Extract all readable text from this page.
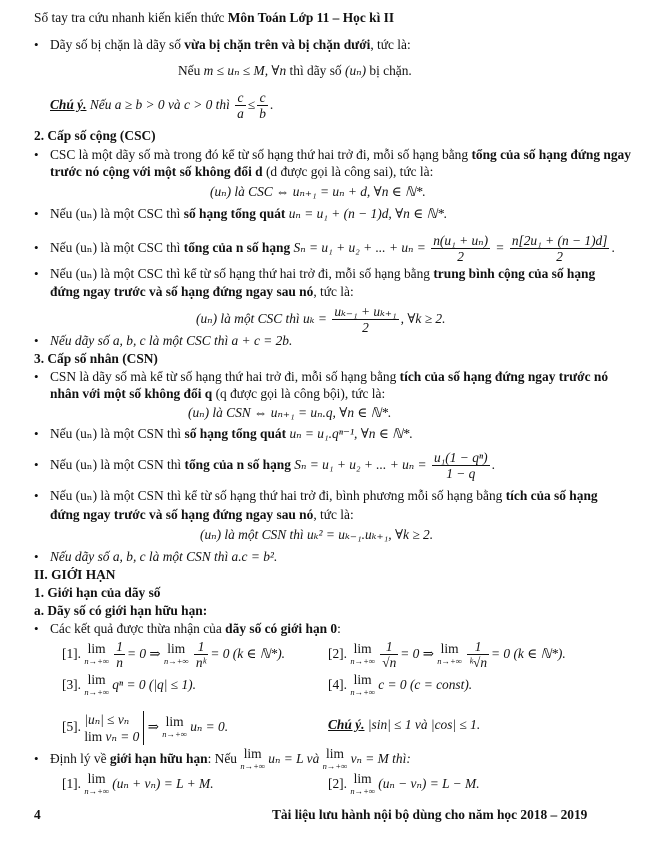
Sổ tay tra cứu nhanh kiến kiến thức Môn Toán Lớp 11 – Học kì II
• Dãy số bị chặn là dãy số vừa bị chặn trên và bị chặn dưới, tức là:
Nếu m ≤ uₙ ≤ M, ∀n thì dãy số (uₙ) bị chặn.
Chú ý. Nếu a ≥ b > 0 và c > 0 thì $\frac{c}{a} \le \frac{c}{b}$ .
2. Cấp số cộng (CSC)
• CSC là một dãy số mà trong đó kể từ số hạng thứ hai trở đi, mỗi số hạng bằng tổng của số hạng đứng ngay
trước nó cộng với một số không đổi d (d được gọi là công sai), tức là:
(uₙ) là CSC ⇔ uₙ₊₁ = uₙ + d, ∀n ∈ ℕ*.
• Nếu (uₙ) là một CSC thì số hạng tổng quát uₙ = u₁ + (n − 1)d, ∀n ∈ ℕ*.
• Nếu (uₙ) là một CSC thì tổng của n số hạng Sₙ = u₁ + u₂ + ... + $u_n = \frac{\text{n(u₁ + uₙ)}}{2} = \frac{\text{n[2u₁ + (n − 1)d]}}{2}$ .
• Nếu (uₙ) là một CSC thì kể từ số hạng thứ hai trở đi, mỗi số hạng bằng trung bình cộng của số hạng
đứng ngay trước và số hạng đứng ngay sau nó, tức là:
(uₙ) là một CSC thì $u_k = \frac{\text{uₖ₋₁ + uₖ₊₁}}{2}$ , ∀k ≥ 2.
• Nếu dãy số a, b, c là một CSC thì a + c = 2b.
3. Cấp số nhân (CSN)
• CSN là dãy số mà kể từ số hạng thứ hai trở đi, mỗi số hạng bằng tích của số hạng đứng ngay trước nó
nhân với một số không đổi q (q được gọi là công bội), tức là:
(uₙ) là CSN ⇔ uₙ₊₁ = uₙ.q, ∀n ∈ ℕ*.
• Nếu (uₙ) là một CSN thì số hạng tổng quát uₙ = u₁.qⁿ⁻¹, ∀n ∈ ℕ*.
• Nếu (uₙ) là một CSN thì tổng của n số hạng Sₙ = u₁ + u₂ + ... + $u_n = \frac{\text{u₁(1 − qⁿ)}}{1 - q}$ .
• Nếu (uₙ) là một CSN thì kể từ số hạng thứ hai trở đi, bình phương mỗi số hạng bằng tích của số hạng
đứng ngay trước và số hạng đứng ngay sau nó, tức là:
(uₙ) là một CSN thì uₖ² = uₖ₋₁.uₖ₊₁, ∀k ≥ 2.
• Nếu dãy số a, b, c là một CSN thì a.c = b².
II. GIỚI HẠN
1. Giới hạn của dãy số
a. Dãy số có giới hạn hữu hạn:
• Các kết quả được thừa nhận của dãy số có giới hạn 0:
[1]. lim
n→+∞
$\frac{1}{n} = 0$ ⇒ lim
n→+∞
$\frac{1}{\text{nᵏ}} = 0$ (k ∈ ℕ*).	[2]. lim
n→+∞
$\frac{1}{√n} = 0$ ⇒ lim
n→+∞
$\frac{1}{\text{ᵏ√n}} = 0$ (k ∈ ℕ*).
[3]. lim
n→+∞ qⁿ = 0 (|q| ≤ 1).	[4]. lim
n→+∞ c = 0 (c = const).
[5]. |uₙ| ≤ vₙ
lim vₙ = 0
⇒ lim
n→+∞ uₙ = 0.	Chú ý. |sin| ≤ 1 và |cos| ≤ 1.
• Định lý về giới hạn hữu hạn: Nếu lim
n→+∞ uₙ = L và lim
n→+∞ vₙ = M thì:
[1]. lim
n→+∞ (uₙ + vₙ) = L + M.	[2]. lim
n→+∞ (uₙ − vₙ) = L − M.
4	Tài liệu lưu hành nội bộ dùng cho năm học 2018 – 2019
